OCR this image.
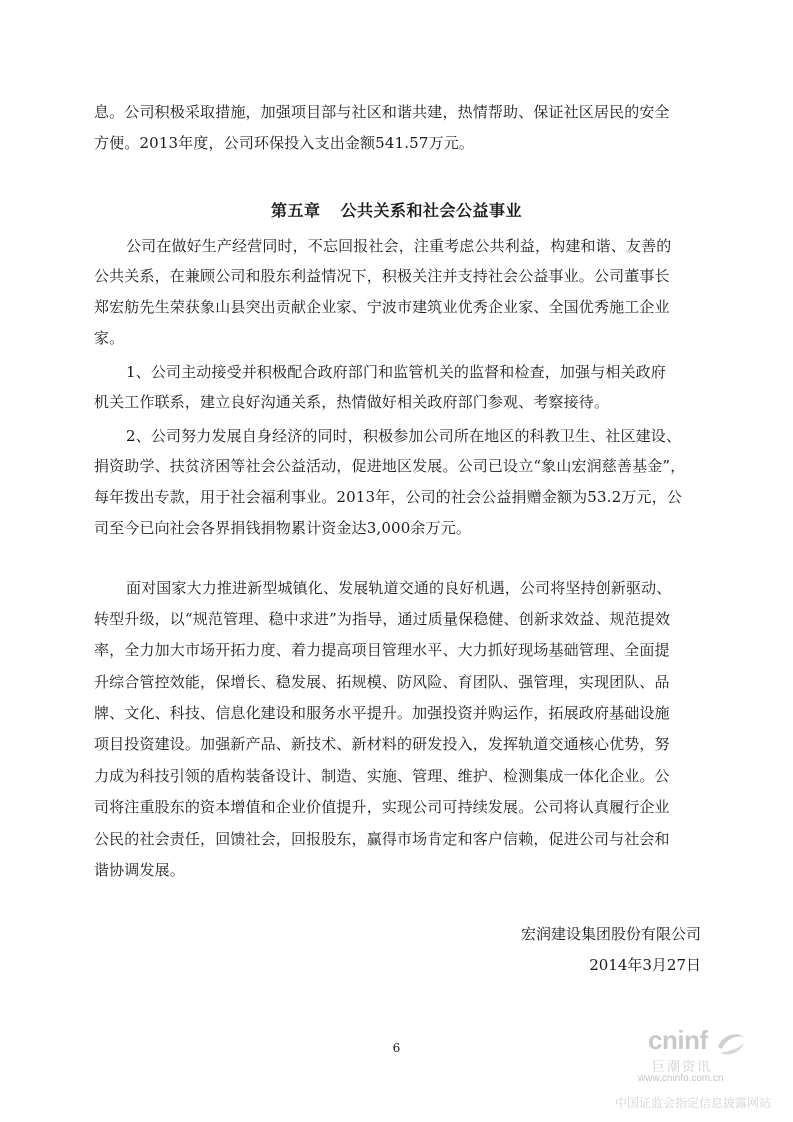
息。公司积极采取措施，加强项目部与社区和谐共建，热情帮助、保证社区居民的安全
方便。2013年度，公司环保投入支出金额541.57万元。
第五章 公共关系和社会公益事业
公司在做好生产经营同时，不忘回报社会，注重考虑公共利益，构建和谐、友善的
公共关系，在兼顾公司和股东利益情况下，积极关注并支持社会公益事业。公司董事长
郑宏舫先生荣获象山县突出贡献企业家、宁波市建筑业优秀企业家、全国优秀施工企业
家。
1、公司主动接受并积极配合政府部门和监管机关的监督和检查，加强与相关政府
机关工作联系，建立良好沟通关系，热情做好相关政府部门参观、考察接待。
2、公司努力发展自身经济的同时，积极参加公司所在地区的科教卫生、社区建设、
捐资助学、扶贫济困等社会公益活动，促进地区发展。公司已设立“象山宏润慈善基金”，
每年拨出专款，用于社会福利事业。2013年，公司的社会公益捐赠金额为53.2万元，公
司至今已向社会各界捐钱捐物累计资金达3,000余万元。
面对国家大力推进新型城镇化、发展轨道交通的良好机遇，公司将坚持创新驱动、
转型升级，以“规范管理、稳中求进”为指导，通过质量保稳健、创新求效益、规范提效
率，全力加大市场开拓力度、着力提高项目管理水平、大力抓好现场基础管理、全面提
升综合管控效能，保增长、稳发展、拓规模、防风险、育团队、强管理，实现团队、品
牌、文化、科技、信息化建设和服务水平提升。加强投资并购运作，拓展政府基础设施
项目投资建设。加强新产品、新技术、新材料的研发投入，发挥轨道交通核心优势，努
力成为科技引领的盾构装备设计、制造、实施、管理、维护、检测集成一体化企业。公
司将注重股东的资本增值和企业价值提升，实现公司可持续发展。公司将认真履行企业
公民的社会责任，回馈社会，回报股东，赢得市场肯定和客户信赖，促进公司与社会和
谐协调发展。
宏润建设集团股份有限公司
2014年3月27日
6	cninf
巨潮资讯
www.cninfo.com.cn
中国证监会指定信息披露网站
